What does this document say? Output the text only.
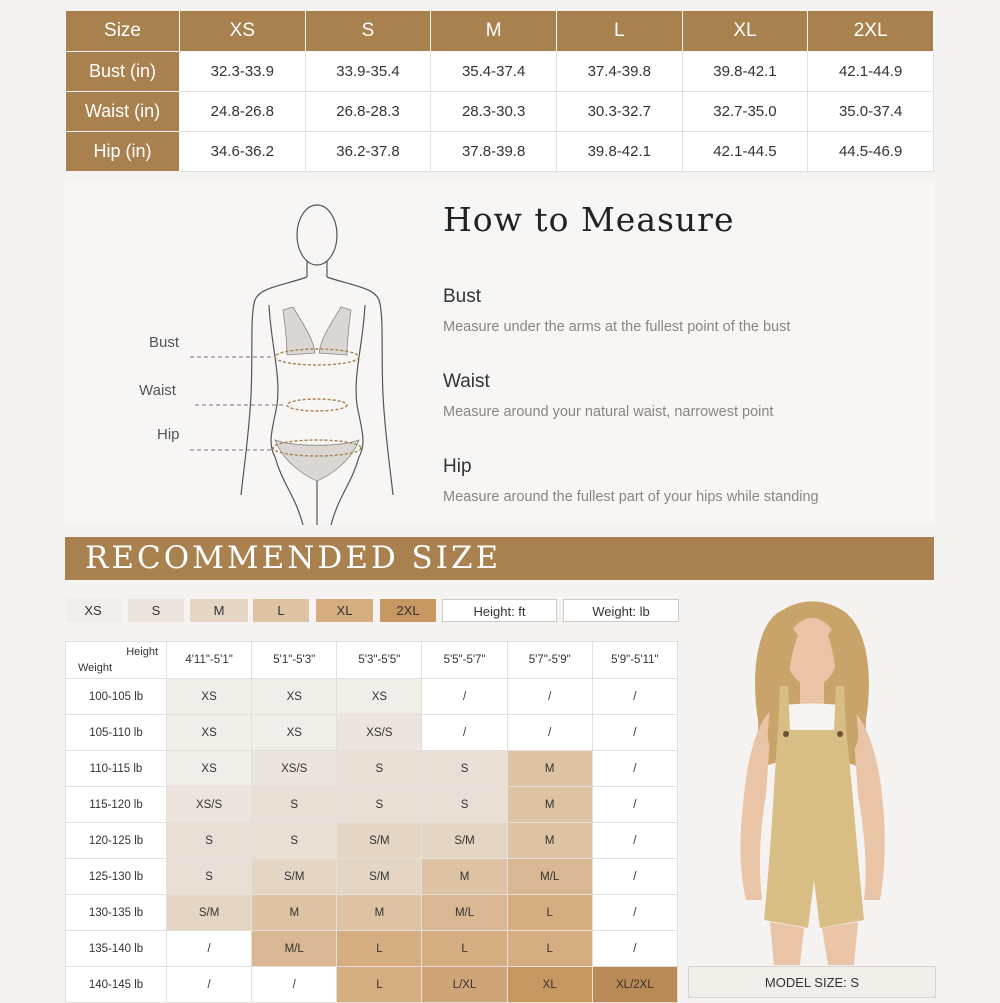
Size	XS	S	M	L	XL	2XL
Bust (in)	32.3-33.9	33.9-35.4	35.4-37.4	37.4-39.8	39.8-42.1	42.1-44.9
Waist (in)	24.8-26.8	26.8-28.3	28.3-30.3	30.3-32.7	32.7-35.0	35.0-37.4
Hip (in)	34.6-36.2	36.2-37.8	37.8-39.8	39.8-42.1	42.1-44.5	44.5-46.9
Bust
Waist
Hip
How to Measure
Bust
Measure under the arms at the fullest point of the bust
Waist
Measure around your natural waist, narrowest point
Hip
Measure around the fullest part of your hips while standing
RECOMMENDED SIZE
XS	S	M	L	XL	2XL	Height: ft	Weight: lb
Height
Weight	4'11"-5'1"	5'1"-5'3"	5'3"-5'5"	5'5"-5'7"	5'7"-5'9"	5'9"-5'11"
100-105 lb	XS	XS	XS	/	/	/
105-110 lb	XS	XS	XS/S	/	/	/
110-115 lb	XS	XS/S	S	S	M	/
115-120 lb	XS/S	S	S	S	M	/
120-125 lb	S	S	S/M	S/M	M	/
125-130 lb	S	S/M	S/M	M	M/L	/
130-135 lb	S/M	M	M	M/L	L	/
135-140 lb	/	M/L	L	L	L	/
140-145 lb	/	/	L	L/XL	XL	XL/2XL	MODEL SIZE: S
